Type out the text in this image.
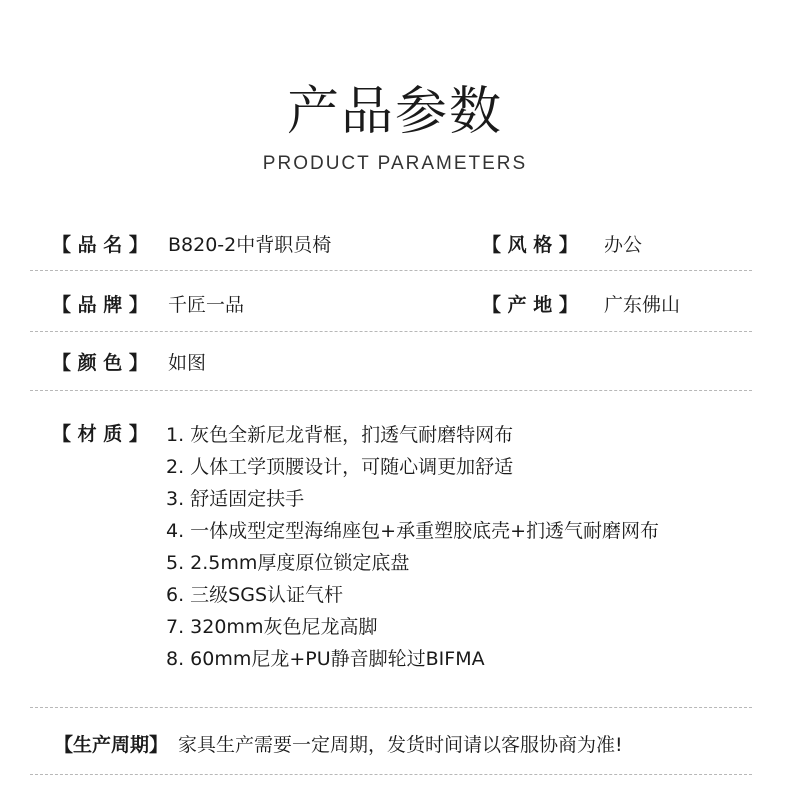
产品参数
PRODUCT PARAMETERS
【 品 名 】 B820-2中背职员椅	【 风 格 】 办公
【 品 牌 】 千匠一品	【 产 地 】 广东佛山
【 颜 色 】 如图
【 材 质 】 1. 灰色全新尼龙背框，扪透气耐磨特网布
2. 人体工学顶腰设计，可随心调更加舒适
3. 舒适固定扶手
4. 一体成型定型海绵座包+承重塑胶底壳+扪透气耐磨网布
5. 2.5mm厚度原位锁定底盘
6. 三级SGS认证气杆
7. 320mm灰色尼龙高脚
8. 60mm尼龙+PU静音脚轮过BIFMA
【生产周期】 家具生产需要一定周期，发货时间请以客服协商为准!
